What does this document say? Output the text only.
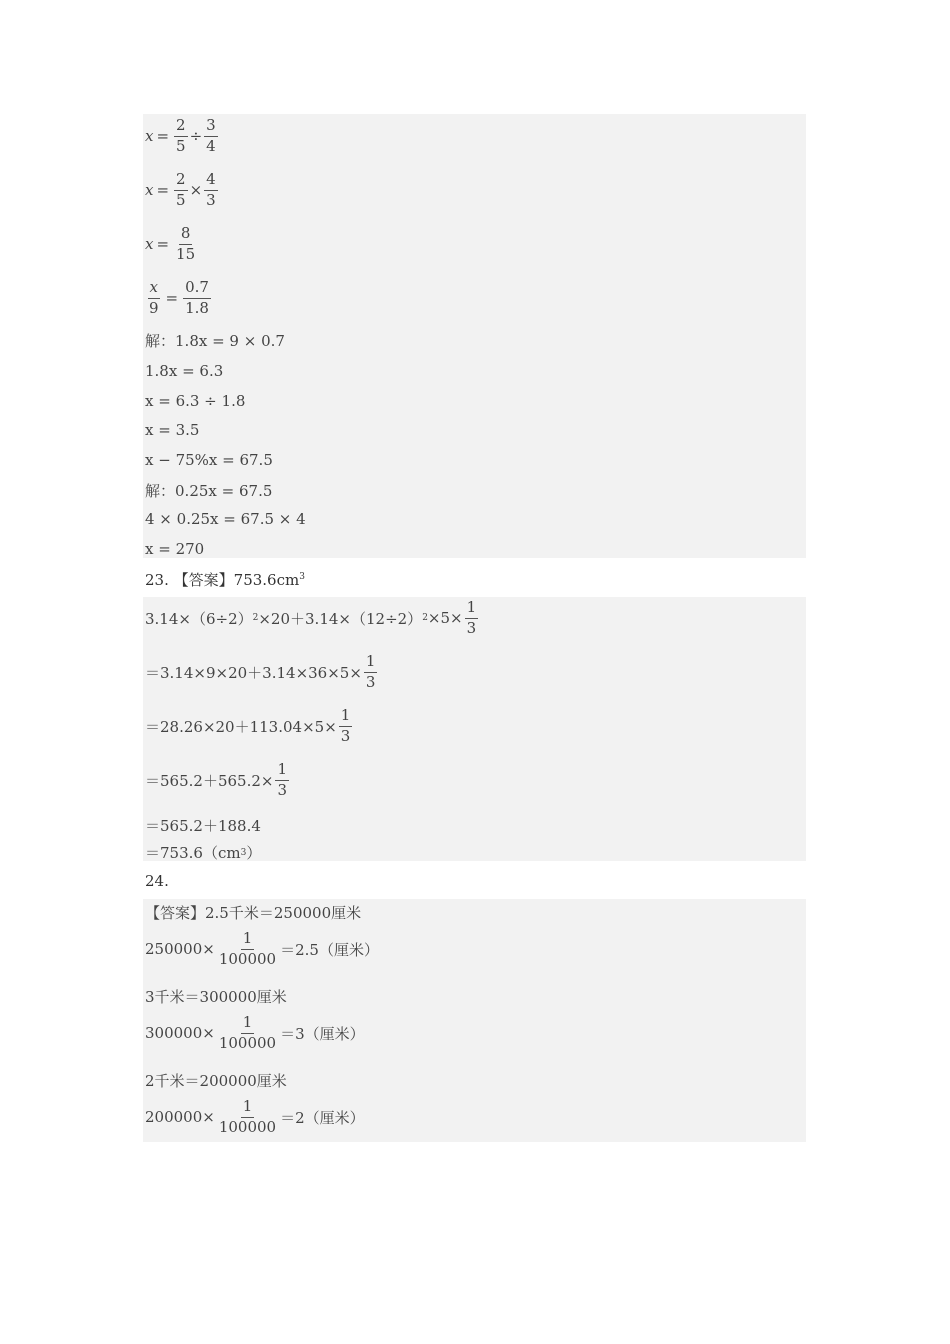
$x = \frac{2}{5} \div \frac{3}{4}$
$x = \frac{2}{5} \times \frac{4}{3}$
$x = \frac{8}{15}$
$\frac{x}{9} = \frac{0.7}{1.8}$
解： 1.8x = 9 × 0.7
1.8x = 6.3
x = 6.3 ÷ 1.8
x = 3.5
x − 75%x = 67.5
解： 0.25x = 67.5
4 × 0.25x = 67.5 × 4
x = 270
23. 【答案】$753.6cm^3$
3.14×（6÷2） 2 ×20＋3.14×（12÷2） $2 \times 5\times \frac{1}{3}$
$=3.14\times 9\times 20+3.14\times 36\times 5\times \frac{1}{3}$
$=28.26\times 20+113.04\times 5\times \frac{1}{3}$
$=565.2+565.2\times \frac{1}{3}$
＝565.2＋188.4
＝753.6（cm 3 ）
24.
【答案】2.5千米＝250000厘米
$250000\times \frac{1}{100000} =2.5$（厘米）
3千米＝300000厘米
$300000\times \frac{1}{100000} =3$（厘米）
2千米＝200000厘米
$200000\times \frac{1}{100000} =2$（厘米）
